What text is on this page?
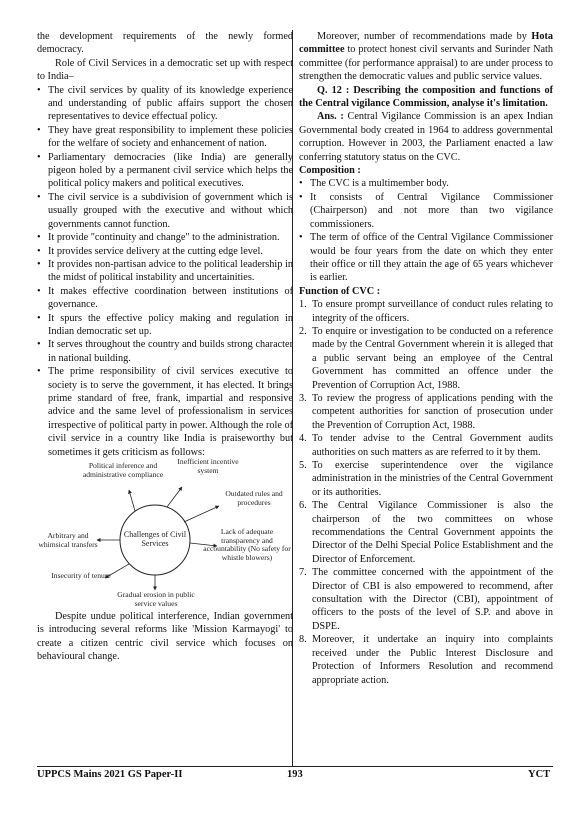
the development requirements of the newly formed democracy.

Role of Civil Services in a democratic set up with respect to India–

• The civil services by quality of its knowledge experience and understanding of public affairs support the chosen representatives to device effectual policy.
• They have great responsibility to implement these policies for the welfare of society and enhancement of nation.
• Parliamentary democracies (like India) are generally pigeon holed by a permanent civil service which helps the political policy makers and political executives.
• The civil service is a subdivision of government which is usually grouped with the executive and without which governments cannot function.
• It provide "continuity and change" to the administration.
• It provides service delivery at the cutting edge level.
• It provides non-partisan advice to the political leadership in the midst of political instability and uncertainities.
• It makes effective coordination between institutions of governance.
• It spurs the effective policy making and regulation in Indian democratic set up.
• It serves throughout the country and builds strong character in national building.
• The prime responsibility of civil services executive to society is to serve the government, it has elected. It brings prime standard of free, frank, impartial and responsive advice and the same level of professionalism in services irrespective of political party in power. Although the role of civil service in a country like India is praiseworthy but sometimes it gets criticism as follows:
Political inference and administrative compliance
Inefficient incentive system
Outdated rules and procedures
Lack of adequate transparency and accountability (No safety for whistle blowers)
Challenges of Civil Services
Arbitrary and whimsical transfers
Insecurity of tenure
Gradual erosion in public service values

Despite undue political interference, Indian government is introducing several reforms like 'Mission Karmayogi' to create a citizen centric civil service which focuses on behavioural change.

Moreover, number of recommendations made by Hota committee to protect honest civil servants and Surinder Nath committee (for performance appraisal) to are under process to strengthen the democratic values and public service values.

Q. 12 : Describing the composition and functions of the Central vigilance Commission, analyse it's limitation.

Ans. : Central Vigilance Commission is an apex Indian Governmental body created in 1964 to address governmental corruption. However in 2003, the Parliament enacted a law conferring statutory status on the CVC.

Composition :

• The CVC is a multimember body.
• It consists of Central Vigilance Commissioner (Chairperson) and not more than two vigilance commissioners.
• The term of office of the Central Vigilance Commissioner would be four years from the date on which they enter their office or till they attain the age of 65 years whichever is earlier.

Function of CVC :

1. To ensure prompt surveillance of conduct rules relating to integrity of the officers.
2. To enquire or investigation to be conducted on a reference made by the Central Government wherein it is alleged that a public servant being an employee of the Central Government has committed an offence under the Prevention of Corruption Act, 1988.
3. To review the progress of applications pending with the competent authorities for sanction of prosecution under the Prevention of Corruption Act, 1988.
4. To tender advise to the Central Government audits authorities on such matters as are referred to it by them.
5. To exercise superintendence over the vigilance administration in the ministries of the Central Government or its authorities.
6. The Central Vigilance Commissioner is also the chairperson of the two committees on whose recommendations the Central Government appoints the Director of the Delhi Special Police Establishment and the Director of Enforcement.
7. The committee concerned with the appointment of the Director of CBI is also empowered to recommend, after consultation with the Director (CBI), appointment of officers to the posts of the level of S.P. and above in DSPE.
8. Moreover, it undertake an inquiry into complaints received under the Public Interest Disclosure and Protection of Informers Resolution and recommend appropriate action.
UPPCS Mains 2021 GS Paper-II	193	YCT
